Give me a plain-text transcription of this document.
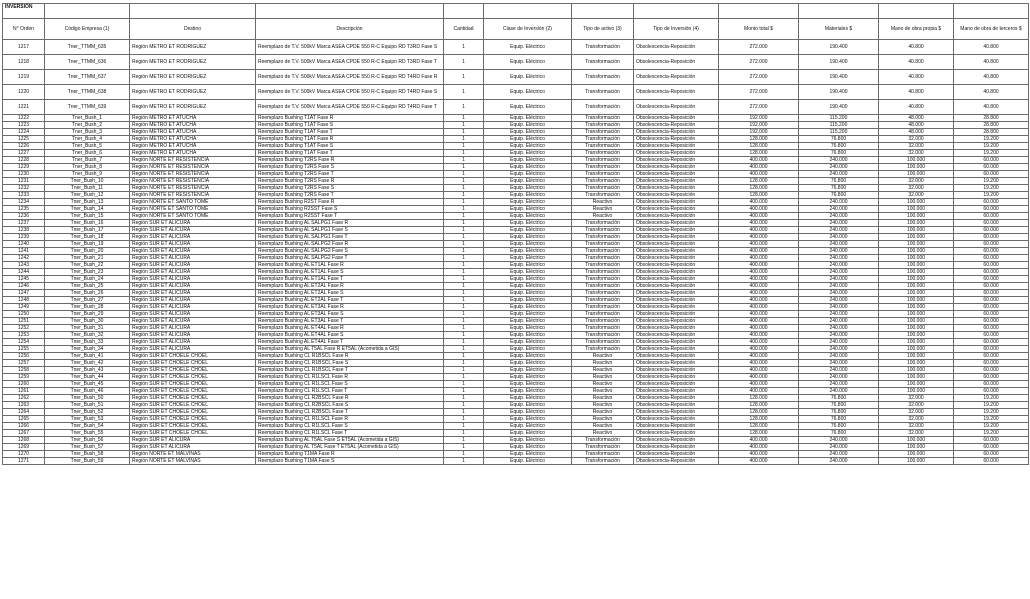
INVERSIÓN											
N° Orden	Código Empresa (1)	Destino	Descripción	Cantidad	Clase de Inversión (2)	Tipo de activo (3)	Tipo de Inversión (4)	Monto total $	Materiales $	Mano de obra propia $	Mano de obra de terceros $
1217	Tner_TTMM_635	Región METRO ET RODRIGUEZ	Reemplazo de T.V. 500kV Marca ASEA CPDE 550 R-C Equipo RD T3RD Fase S	1	Equip. Eléctrico	Transformación	Obsolescencia-Reposición	272.000	190.400	40.800	40.800
1218	Tner_TTMM_636	Región METRO ET RODRIGUEZ	Reemplazo de T.V. 500kV Marca ASEA CPDE 550 R-C Equipo RD T3RD Fase T	1	Equip. Eléctrico	Transformación	Obsolescencia-Reposición	272.000	190.400	40.800	40.800
1219	Tner_TTMM_637	Región METRO ET RODRIGUEZ	Reemplazo de T.V. 500kV Marca ASEA CPDE 550 R-C Equipo RD T4RD Fase R	1	Equip. Eléctrico	Transformación	Obsolescencia-Reposición	272.000	190.400	40.800	40.800
1220	Tner_TTMM_638	Región METRO ET RODRIGUEZ	Reemplazo de T.V. 500kV Marca ASEA CPDE 550 R-C Equipo RD T4RD Fase S	1	Equip. Eléctrico	Transformación	Obsolescencia-Reposición	272.000	190.400	40.800	40.800
1221	Tner_TTMM_639	Región METRO ET RODRIGUEZ	Reemplazo de T.V. 500kV Marca ASEA CPDE 550 R-C Equipo RD T4RD Fase T	1	Equip. Eléctrico	Transformación	Obsolescencia-Reposición	272.000	190.400	40.800	40.800
1222	Tner_Bush_1	Región METRO ET ATUCHA	Reemplazo Bushing T1AT Fase R	1	Equip. Eléctrico	Transformación	Obsolescencia-Reposición	192.000	115.200	48.000	28.800
1223	Tner_Bush_2	Región METRO ET ATUCHA	Reemplazo Bushing T1AT Fase S	1	Equip. Eléctrico	Transformación	Obsolescencia-Reposición	192.000	115.200	48.000	28.800
1224	Tner_Bush_3	Región METRO ET ATUCHA	Reemplazo Bushing T1AT Fase T	1	Equip. Eléctrico	Transformación	Obsolescencia-Reposición	192.000	115.200	48.000	28.800
1225	Tner_Bush_4	Región METRO ET ATUCHA	Reemplazo Bushing T1AT Fase R	1	Equip. Eléctrico	Transformación	Obsolescencia-Reposición	128.000	76.800	32.000	19.200
1226	Tner_Bush_5	Región METRO ET ATUCHA	Reemplazo Bushing T1AT Fase S	1	Equip. Eléctrico	Transformación	Obsolescencia-Reposición	128.000	76.800	32.000	19.200
1227	Tner_Bush_6	Región METRO ET ATUCHA	Reemplazo Bushing T1AT Fase T	1	Equip. Eléctrico	Transformación	Obsolescencia-Reposición	128.000	76.800	32.000	19.200
1228	Tner_Bush_7	Región NORTE ET RESISTENCIA	Reemplazo Bushing T2RS Fase R	1	Equip. Eléctrico	Transformación	Obsolescencia-Reposición	400.000	240.000	100.000	60.000
1229	Tner_Bush_8	Región NORTE ET RESISTENCIA	Reemplazo Bushing T2RS Fase S	1	Equip. Eléctrico	Transformación	Obsolescencia-Reposición	400.000	240.000	100.000	60.000
1230	Tner_Bush_9	Región NORTE ET RESISTENCIA	Reemplazo Bushing T2RS Fase T	1	Equip. Eléctrico	Transformación	Obsolescencia-Reposición	400.000	240.000	100.000	60.000
1231	Tner_Bush_10	Región NORTE ET RESISTENCIA	Reemplazo Bushing T2RS Fase R	1	Equip. Eléctrico	Transformación	Obsolescencia-Reposición	128.000	76.800	32.000	19.200
1232	Tner_Bush_11	Región NORTE ET RESISTENCIA	Reemplazo Bushing T2RS Fase S	1	Equip. Eléctrico	Transformación	Obsolescencia-Reposición	128.000	76.800	32.000	19.200
1233	Tner_Bush_12	Región NORTE ET RESISTENCIA	Reemplazo Bushing T2RS Fase T	1	Equip. Eléctrico	Transformación	Obsolescencia-Reposición	128.000	76.800	32.000	19.200
1234	Tner_Bush_13	Región NORTE ET SANTO TOME	Reemplazo Bushing R2ST Fase R	1	Equip. Eléctrico	Reactivo	Obsolescencia-Reposición	400.000	240.000	100.000	60.000
1235	Tner_Bush_14	Región NORTE ET SANTO TOME	Reemplazo Bushing R2SST Fase S	1	Equip. Eléctrico	Reactivo	Obsolescencia-Reposición	400.000	240.000	100.000	60.000
1236	Tner_Bush_15	Región NORTE ET SANTO TOME	Reemplazo Bushing R2SST Fase T	1	Equip. Eléctrico	Reactivo	Obsolescencia-Reposición	400.000	240.000	100.000	60.000
1237	Tner_Bush_16	Región SUR ET ALICURA	Reemplazo Bushing AL SALPG1 Fase R	1	Equip. Eléctrico	Transformación	Obsolescencia-Reposición	400.000	240.000	100.000	60.000
1238	Tner_Bush_17	Región SUR ET ALICURA	Reemplazo Bushing AL SALPG1 Fase S	1	Equip. Eléctrico	Transformación	Obsolescencia-Reposición	400.000	240.000	100.000	60.000
1239	Tner_Bush_18	Región SUR ET ALICURA	Reemplazo Bushing AL SALPG1 Fase T	1	Equip. Eléctrico	Transformación	Obsolescencia-Reposición	400.000	240.000	100.000	60.000
1240	Tner_Bush_19	Región SUR ET ALICURA	Reemplazo Bushing AL SALPG2 Fase R	1	Equip. Eléctrico	Transformación	Obsolescencia-Reposición	400.000	240.000	100.000	60.000
1241	Tner_Bush_20	Región SUR ET ALICURA	Reemplazo Bushing AL SALPG2 Fase S	1	Equip. Eléctrico	Transformación	Obsolescencia-Reposición	400.000	240.000	100.000	60.000
1242	Tner_Bush_21	Región SUR ET ALICURA	Reemplazo Bushing AL SALPG2 Fase T	1	Equip. Eléctrico	Transformación	Obsolescencia-Reposición	400.000	240.000	100.000	60.000
1243	Tner_Bush_22	Región SUR ET ALICURA	Reemplazo Bushing AL ET1AL Fase R	1	Equip. Eléctrico	Transformación	Obsolescencia-Reposición	400.000	240.000	100.000	60.000
1244	Tner_Bush_23	Región SUR ET ALICURA	Reemplazo Bushing AL ET1AL Fase S	1	Equip. Eléctrico	Transformación	Obsolescencia-Reposición	400.000	240.000	100.000	60.000
1245	Tner_Bush_24	Región SUR ET ALICURA	Reemplazo Bushing AL ET1AL Fase T	1	Equip. Eléctrico	Transformación	Obsolescencia-Reposición	400.000	240.000	100.000	60.000
1246	Tner_Bush_25	Región SUR ET ALICURA	Reemplazo Bushing AL ET2AL Fase R	1	Equip. Eléctrico	Transformación	Obsolescencia-Reposición	400.000	240.000	100.000	60.000
1247	Tner_Bush_26	Región SUR ET ALICURA	Reemplazo Bushing AL ET2AL Fase S	1	Equip. Eléctrico	Transformación	Obsolescencia-Reposición	400.000	240.000	100.000	60.000
1248	Tner_Bush_27	Región SUR ET ALICURA	Reemplazo Bushing AL ET2AL Fase T	1	Equip. Eléctrico	Transformación	Obsolescencia-Reposición	400.000	240.000	100.000	60.000
1249	Tner_Bush_28	Región SUR ET ALICURA	Reemplazo Bushing AL ET3AL Fase R	1	Equip. Eléctrico	Transformación	Obsolescencia-Reposición	400.000	240.000	100.000	60.000
1250	Tner_Bush_29	Región SUR ET ALICURA	Reemplazo Bushing AL ET3AL Fase S	1	Equip. Eléctrico	Transformación	Obsolescencia-Reposición	400.000	240.000	100.000	60.000
1251	Tner_Bush_30	Región SUR ET ALICURA	Reemplazo Bushing AL ET3AL Fase T	1	Equip. Eléctrico	Transformación	Obsolescencia-Reposición	400.000	240.000	100.000	60.000
1252	Tner_Bush_31	Región SUR ET ALICURA	Reemplazo Bushing AL ET4AL Fase R	1	Equip. Eléctrico	Transformación	Obsolescencia-Reposición	400.000	240.000	100.000	60.000
1253	Tner_Bush_32	Región SUR ET ALICURA	Reemplazo Bushing AL ET4AL Fase S	1	Equip. Eléctrico	Transformación	Obsolescencia-Reposición	400.000	240.000	100.000	60.000
1254	Tner_Bush_33	Región SUR ET ALICURA	Reemplazo Bushing AL ET4AL Fase T	1	Equip. Eléctrico	Transformación	Obsolescencia-Reposición	400.000	240.000	100.000	60.000
1255	Tner_Bush_34	Región SUR ET ALICURA	Reemplazo Bushing AL T5AL Fase R ET5AL (Acometida a GIS)	1	Equip. Eléctrico	Transformación	Obsolescencia-Reposición	400.000	240.000	100.000	60.000
1256	Tner_Bush_41	Región SUR ET CHOELE CHOEL	Reemplazo Bushing CL R1BSCL Fase R	1	Equip. Eléctrico	Reactivo	Obsolescencia-Reposición	400.000	240.000	100.000	60.000
1257	Tner_Bush_42	Región SUR ET CHOELE CHOEL	Reemplazo Bushing CL R1BSCL Fase S	1	Equip. Eléctrico	Reactivo	Obsolescencia-Reposición	400.000	240.000	100.000	60.000
1258	Tner_Bush_43	Región SUR ET CHOELE CHOEL	Reemplazo Bushing CL R1BSCL Fase T	1	Equip. Eléctrico	Reactivo	Obsolescencia-Reposición	400.000	240.000	100.000	60.000
1259	Tner_Bush_44	Región SUR ET CHOELE CHOEL	Reemplazo Bushing CL R1LSCL Fase R	1	Equip. Eléctrico	Reactivo	Obsolescencia-Reposición	400.000	240.000	100.000	60.000
1260	Tner_Bush_45	Región SUR ET CHOELE CHOEL	Reemplazo Bushing CL R1LSCL Fase S	1	Equip. Eléctrico	Reactivo	Obsolescencia-Reposición	400.000	240.000	100.000	60.000
1261	Tner_Bush_46	Región SUR ET CHOELE CHOEL	Reemplazo Bushing CL R1LSCL Fase T	1	Equip. Eléctrico	Reactivo	Obsolescencia-Reposición	400.000	240.000	100.000	60.000
1262	Tner_Bush_50	Región SUR ET CHOELE CHOEL	Reemplazo Bushing CL R2BSCL Fase R	1	Equip. Eléctrico	Reactivo	Obsolescencia-Reposición	128.000	76.800	32.000	19.200
1263	Tner_Bush_51	Región SUR ET CHOELE CHOEL	Reemplazo Bushing CL R2BSCL Fase S	1	Equip. Eléctrico	Reactivo	Obsolescencia-Reposición	128.000	76.800	32.000	19.200
1264	Tner_Bush_52	Región SUR ET CHOELE CHOEL	Reemplazo Bushing CL R2BSCL Fase T	1	Equip. Eléctrico	Reactivo	Obsolescencia-Reposición	128.000	76.800	32.000	19.200
1265	Tner_Bush_53	Región SUR ET CHOELE CHOEL	Reemplazo Bushing CL R1LSCL Fase R	1	Equip. Eléctrico	Reactivo	Obsolescencia-Reposición	128.000	76.800	32.000	19.200
1266	Tner_Bush_54	Región SUR ET CHOELE CHOEL	Reemplazo Bushing CL R1LSCL Fase S	1	Equip. Eléctrico	Reactivo	Obsolescencia-Reposición	128.000	76.800	32.000	19.200
1267	Tner_Bush_55	Región SUR ET CHOELE CHOEL	Reemplazo Bushing CL R1LSCL Fase T	1	Equip. Eléctrico	Reactivo	Obsolescencia-Reposición	128.000	76.800	32.000	19.200
1268	Tner_Bush_56	Región SUR ET ALICURA	Reemplazo Bushing AL T5AL Fase S ET5AL (Acometida a GIS)	1	Equip. Eléctrico	Transformación	Obsolescencia-Reposición	400.000	240.000	100.000	60.000
1269	Tner_Bush_57	Región SUR ET ALICURA	Reemplazo Bushing AL T5AL Fase T ET5AL (Acometida a GIS)	1	Equip. Eléctrico	Transformación	Obsolescencia-Reposición	400.000	240.000	100.000	60.000
1270	Tner_Bush_58	Región NORTE ET MALVINAS	Reemplazo Bushing T1MA Fase R	1	Equip. Eléctrico	Transformación	Obsolescencia-Reposición	400.000	240.000	100.000	60.000
1271	Tner_Bush_59	Región NORTE ET MALVINAS	Reemplazo Bushing T1MA Fase S	1	Equip. Eléctrico	Transformación	Obsolescencia-Reposición	400.000	240.000	100.000	60.000
